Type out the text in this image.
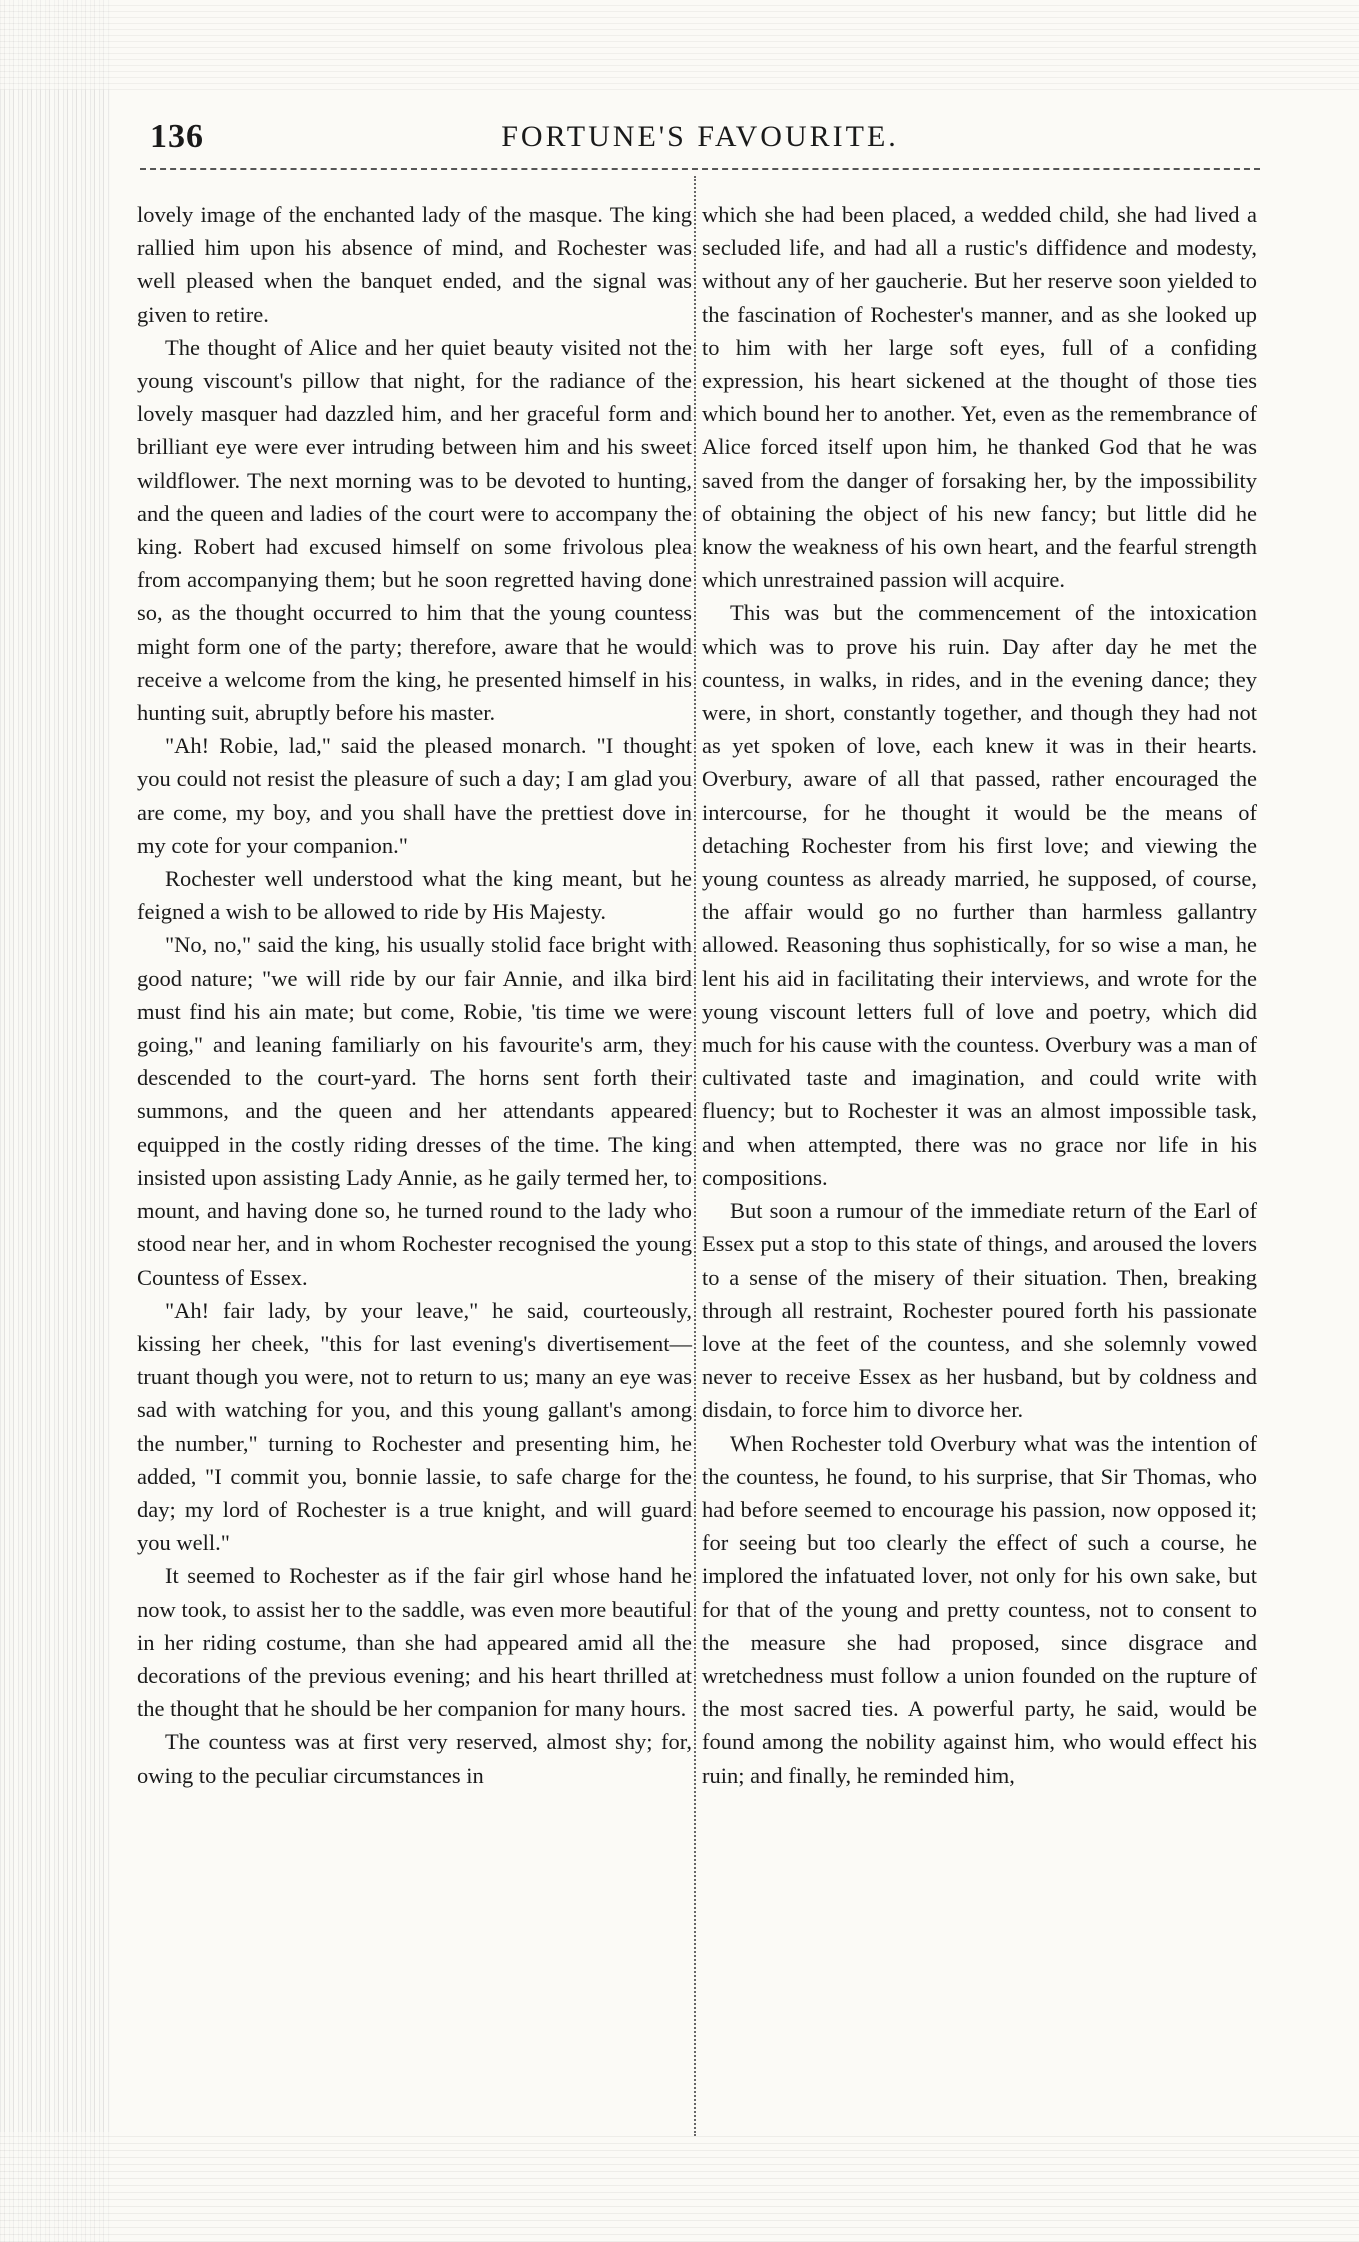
136	FORTUNE'S FAVOURITE.

lovely image of the enchanted lady of the masque. The king rallied him upon his absence of mind, and Rochester was well pleased when the banquet ended, and the signal was given to retire.

The thought of Alice and her quiet beauty visited not the young viscount's pillow that night, for the radiance of the lovely masquer had dazzled him, and her graceful form and brilliant eye were ever intruding between him and his sweet wildflower. The next morning was to be devoted to hunting, and the queen and ladies of the court were to accompany the king. Robert had excused himself on some frivolous plea from accompanying them; but he soon regretted having done so, as the thought occurred to him that the young countess might form one of the party; therefore, aware that he would receive a welcome from the king, he presented himself in his hunting suit, abruptly before his master.

"Ah! Robie, lad," said the pleased monarch. "I thought you could not resist the pleasure of such a day; I am glad you are come, my boy, and you shall have the prettiest dove in my cote for your companion."

Rochester well understood what the king meant, but he feigned a wish to be allowed to ride by His Majesty.

"No, no," said the king, his usually stolid face bright with good nature; "we will ride by our fair Annie, and ilka bird must find his ain mate; but come, Robie, 'tis time we were going," and leaning familiarly on his favourite's arm, they descended to the court-yard. The horns sent forth their summons, and the queen and her attendants appeared equipped in the costly riding dresses of the time. The king insisted upon assisting Lady Annie, as he gaily termed her, to mount, and having done so, he turned round to the lady who stood near her, and in whom Rochester recognised the young Countess of Essex.

"Ah! fair lady, by your leave," he said, courteously, kissing her cheek, "this for last evening's divertisement—truant though you were, not to return to us; many an eye was sad with watching for you, and this young gallant's among the number," turning to Rochester and presenting him, he added, "I commit you, bonnie lassie, to safe charge for the day; my lord of Rochester is a true knight, and will guard you well."

It seemed to Rochester as if the fair girl whose hand he now took, to assist her to the saddle, was even more beautiful in her riding costume, than she had appeared amid all the decorations of the previous evening; and his heart thrilled at the thought that he should be her companion for many hours.

The countess was at first very reserved, almost shy; for, owing to the peculiar circumstances in

which she had been placed, a wedded child, she had lived a secluded life, and had all a rustic's diffidence and modesty, without any of her gaucherie. But her reserve soon yielded to the fascination of Rochester's manner, and as she looked up to him with her large soft eyes, full of a confiding expression, his heart sickened at the thought of those ties which bound her to another. Yet, even as the remembrance of Alice forced itself upon him, he thanked God that he was saved from the danger of forsaking her, by the impossibility of obtaining the object of his new fancy; but little did he know the weakness of his own heart, and the fearful strength which unrestrained passion will acquire.

This was but the commencement of the intoxication which was to prove his ruin. Day after day he met the countess, in walks, in rides, and in the evening dance; they were, in short, constantly together, and though they had not as yet spoken of love, each knew it was in their hearts. Overbury, aware of all that passed, rather encouraged the intercourse, for he thought it would be the means of detaching Rochester from his first love; and viewing the young countess as already married, he supposed, of course, the affair would go no further than harmless gallantry allowed. Reasoning thus sophistically, for so wise a man, he lent his aid in facilitating their interviews, and wrote for the young viscount letters full of love and poetry, which did much for his cause with the countess. Overbury was a man of cultivated taste and imagination, and could write with fluency; but to Rochester it was an almost impossible task, and when attempted, there was no grace nor life in his compositions.

But soon a rumour of the immediate return of the Earl of Essex put a stop to this state of things, and aroused the lovers to a sense of the misery of their situation. Then, breaking through all restraint, Rochester poured forth his passionate love at the feet of the countess, and she solemnly vowed never to receive Essex as her husband, but by coldness and disdain, to force him to divorce her.

When Rochester told Overbury what was the intention of the countess, he found, to his surprise, that Sir Thomas, who had before seemed to encourage his passion, now opposed it; for seeing but too clearly the effect of such a course, he implored the infatuated lover, not only for his own sake, but for that of the young and pretty countess, not to consent to the measure she had proposed, since disgrace and wretchedness must follow a union founded on the rupture of the most sacred ties. A powerful party, he said, would be found among the nobility against him, who would effect his ruin; and finally, he reminded him,
